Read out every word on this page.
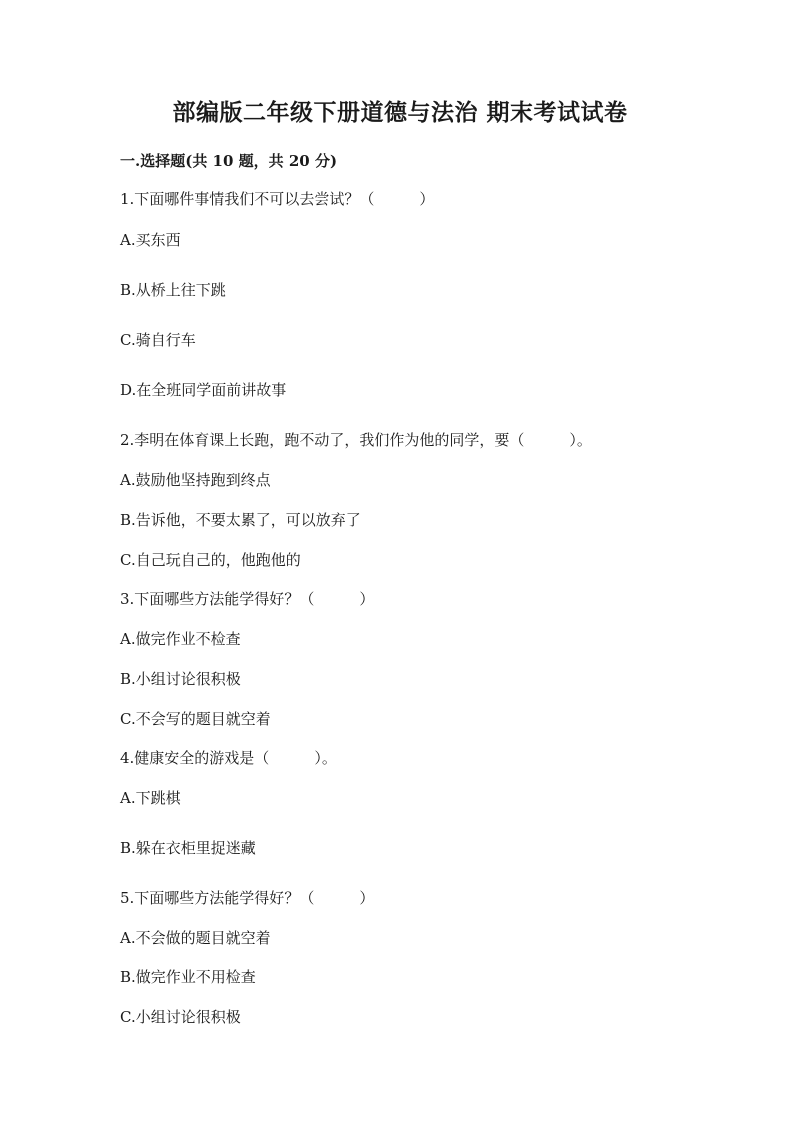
部编版二年级下册道德与法治 期末考试试卷
一.选择题(共 10 题，共 20 分)
1.下面哪件事情我们不可以去尝试？（　　　）
A.买东西
B.从桥上往下跳
C.骑自行车
D.在全班同学面前讲故事
2.李明在体育课上长跑，跑不动了，我们作为他的同学，要（　　　）。
A.鼓励他坚持跑到终点
B.告诉他，不要太累了，可以放弃了
C.自己玩自己的，他跑他的
3.下面哪些方法能学得好？（　　　）
A.做完作业不检查
B.小组讨论很积极
C.不会写的题目就空着
4.健康安全的游戏是（　　　）。
A.下跳棋
B.躲在衣柜里捉迷藏
5.下面哪些方法能学得好？（　　　）
A.不会做的题目就空着
B.做完作业不用检查
C.小组讨论很积极
